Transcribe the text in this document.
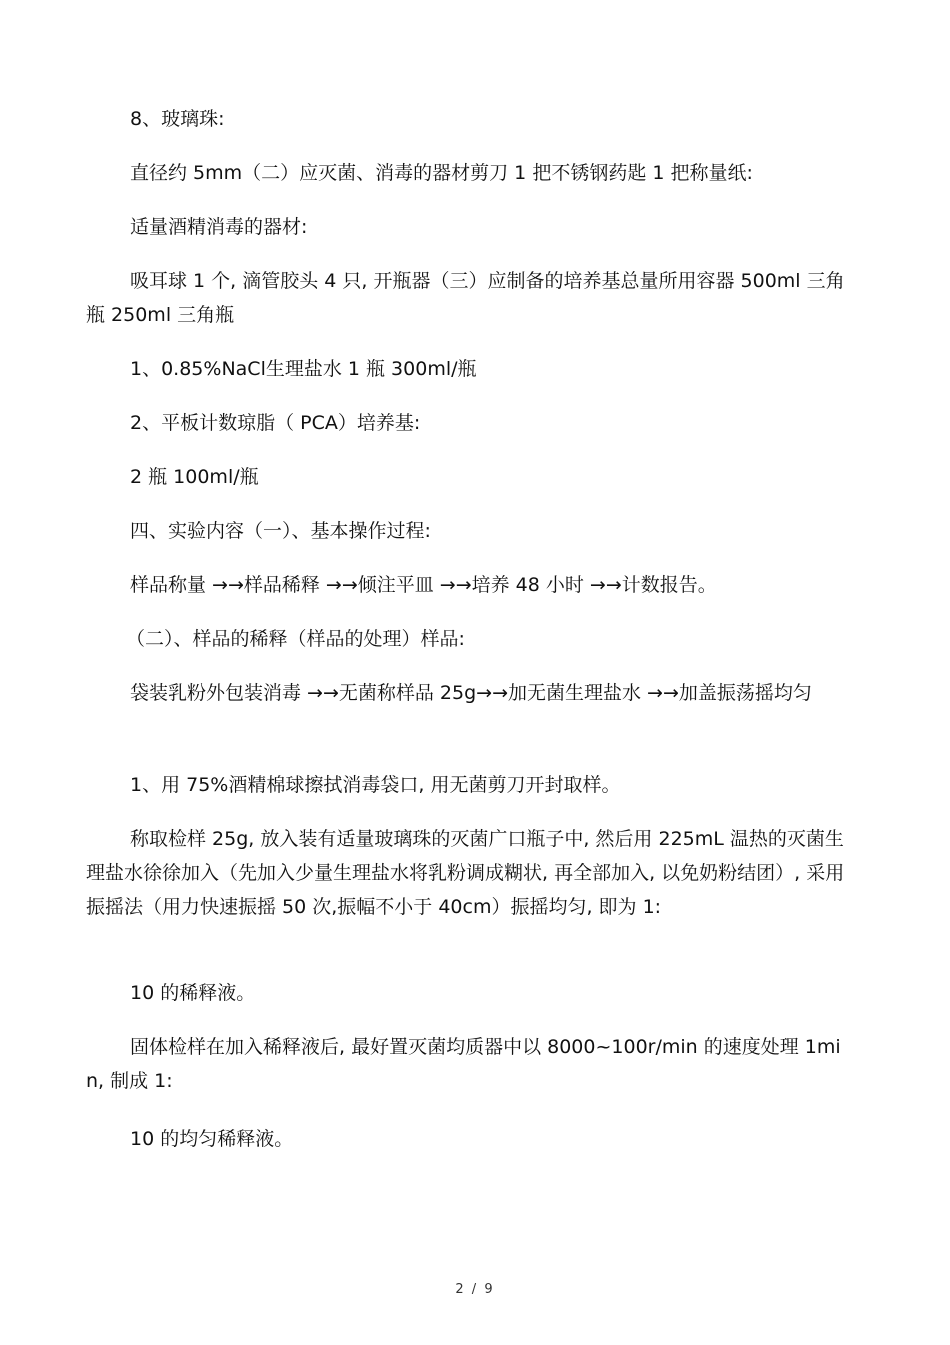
8、玻璃珠:

直径约 5mm（二）应灭菌、消毒的器材剪刀 1 把不锈钢药匙 1 把称量纸:

适量酒精消毒的器材:

吸耳球 1 个, 滴管胶头 4 只, 开瓶器（三）应制备的培养基总量所用容器 500ml 三角瓶 250ml 三角瓶

1、0.85%NaCl生理盐水 1 瓶 300ml/瓶

2、平板计数琼脂（ PCA）培养基:

2 瓶 100ml/瓶

四、实验内容（一）、基本操作过程:

样品称量 →→样品稀释 →→倾注平皿 →→培养 48 小时 →→计数报告。

（二）、样品的稀释（样品的处理）样品:

袋装乳粉外包装消毒 →→无菌称样品 25g→→加无菌生理盐水 →→加盖振荡摇均匀

1、用 75%酒精棉球擦拭消毒袋口, 用无菌剪刀开封取样。

称取检样 25g, 放入装有适量玻璃珠的灭菌广口瓶子中, 然后用 225mL 温热的灭菌生理盐水徐徐加入（先加入少量生理盐水将乳粉调成糊状, 再全部加入, 以免奶粉结团）, 采用振摇法（用力快速振摇 50 次,振幅不小于 40cm）振摇均匀, 即为 1:

10 的稀释液。

固体检样在加入稀释液后, 最好置灭菌均质器中以 8000~100r/min 的速度处理 1min, 制成 1:

10 的均匀稀释液。

2 / 9
